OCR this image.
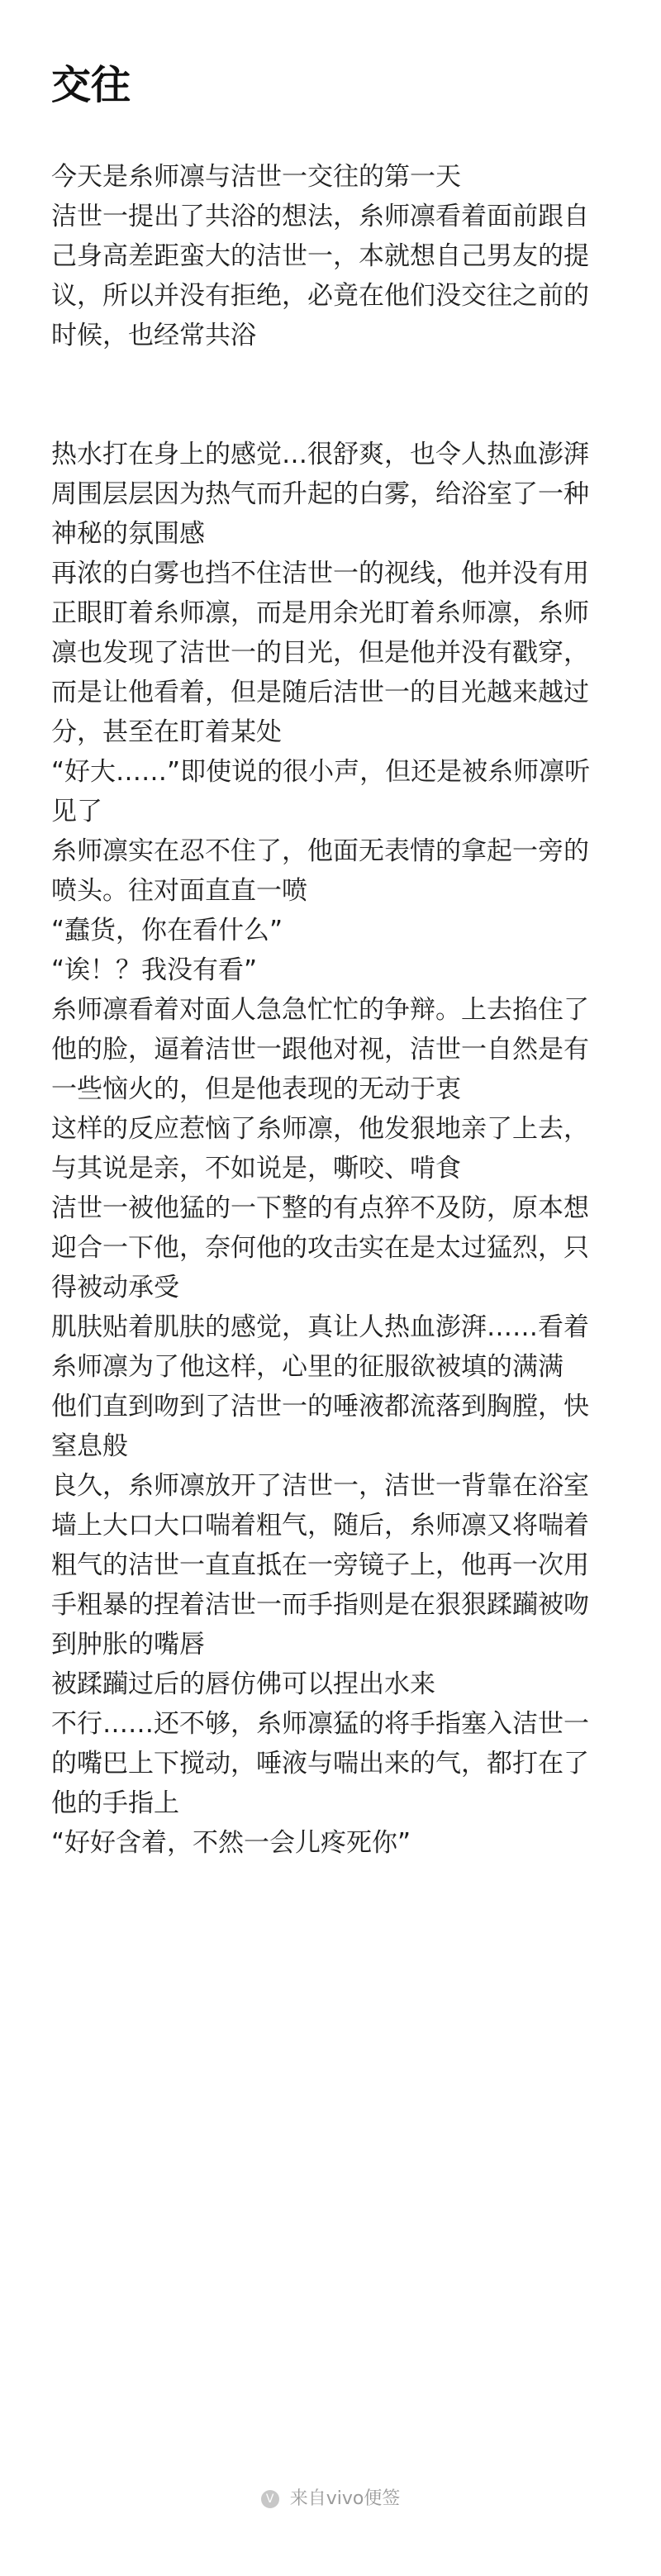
交往

今天是糸师凛与洁世一交往的第一天

洁世一提出了共浴的想法，糸师凛看着面前跟自己身高差距蛮大的洁世一，本就想自己男友的提议，所以并没有拒绝，必竟在他们没交往之前的时候，也经常共浴

热水打在身上的感觉…很舒爽，也令人热血澎湃

周围层层因为热气而升起的白雾，给浴室了一种神秘的氛围感

再浓的白雾也挡不住洁世一的视线，他并没有用正眼盯着糸师凛，而是用余光盯着糸师凛，糸师凛也发现了洁世一的目光，但是他并没有戳穿，而是让他看着，但是随后洁世一的目光越来越过分，甚至在盯着某处

“好大……”即使说的很小声，但还是被糸师凛听见了

糸师凛实在忍不住了，他面无表情的拿起一旁的喷头。往对面直直一喷

“蠢货，你在看什么”

“诶！？我没有看”

糸师凛看着对面人急急忙忙的争辩。上去掐住了他的脸，逼着洁世一跟他对视，洁世一自然是有一些恼火的，但是他表现的无动于衷

这样的反应惹恼了糸师凛，他发狠地亲了上去，与其说是亲，不如说是，嘶咬、啃食

洁世一被他猛的一下整的有点猝不及防，原本想迎合一下他，奈何他的攻击实在是太过猛烈，只得被动承受

肌肤贴着肌肤的感觉，真让人热血澎湃……看着糸师凛为了他这样，心里的征服欲被填的满满

他们直到吻到了洁世一的唾液都流落到胸膛，快窒息般

良久，糸师凛放开了洁世一，洁世一背靠在浴室墙上大口大口喘着粗气，随后，糸师凛又将喘着粗气的洁世一直直抵在一旁镜子上，他再一次用手粗暴的捏着洁世一而手指则是在狠狠蹂躏被吻到肿胀的嘴唇

被蹂躏过后的唇仿佛可以捏出水来

不行……还不够，糸师凛猛的将手指塞入洁世一的嘴巴上下搅动，唾液与喘出来的气，都打在了他的手指上

“好好含着，不然一会儿疼死你”

V 来自vivo便签
